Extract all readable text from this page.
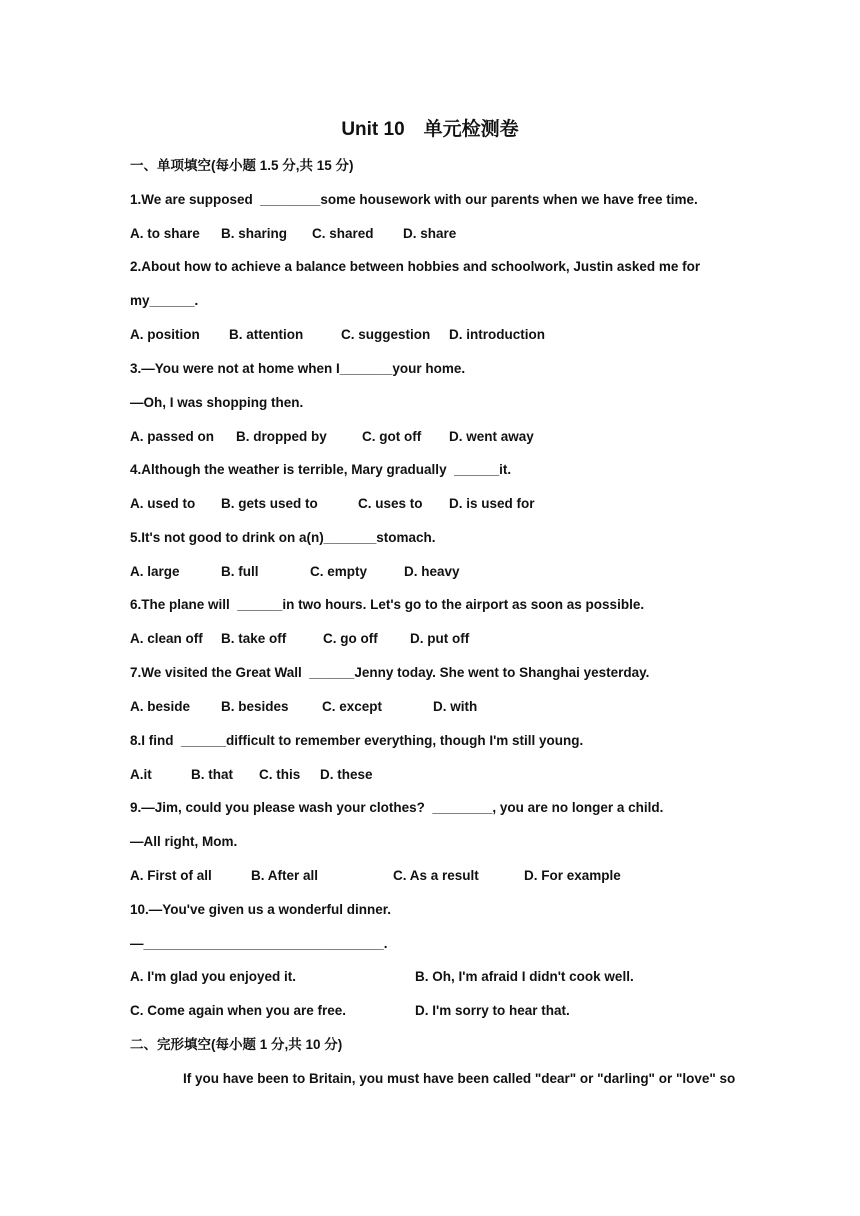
Unit 10　单元检测卷
一、单项填空(每小题 1.5 分,共 15 分)
1.We are supposed  ________some housework with our parents when we have free time.
A. to share B. sharing C. shared D. share
2.About how to achieve a balance between hobbies and schoolwork, Justin asked me for
my______.
A. position B. attention	C. suggestion D. introduction
3.—You were not at home when I_______your home.
—Oh, I was shopping then.
A. passed on B. dropped by	C. got off D. went away
4.Although the weather is terrible, Mary gradually  ______it.
A. used to B. gets used to	C. uses to D. is used for
5.It's not good to drink on a(n)_______stomach.
A. large	B. full	C. empty	D. heavy
6.The plane will  ______in two hours. Let's go to the airport as soon as possible.
A. clean off B. take off	C. go off D. put off
7.We visited the Great Wall  ______Jenny today. She went to Shanghai yesterday.
A. beside B. besides C. except	D. with
8.I find  ______difficult to remember everything, though I'm still young.
A.it	B. that C. this D. these
9.—Jim, could you please wash your clothes?  ________, you are no longer a child.
—All right, Mom.
A. First of all	B. After all	C. As a result	D. For example
10.—You've given us a wonderful dinner.
—________________________________.
A. I'm glad you enjoyed it.	B. Oh, I'm afraid I didn't cook well.
C. Come again when you are free.	D. I'm sorry to hear that.
二、完形填空(每小题 1 分,共 10 分)
If you have been to Britain, you must have been called "dear" or "darling" or "love" so
